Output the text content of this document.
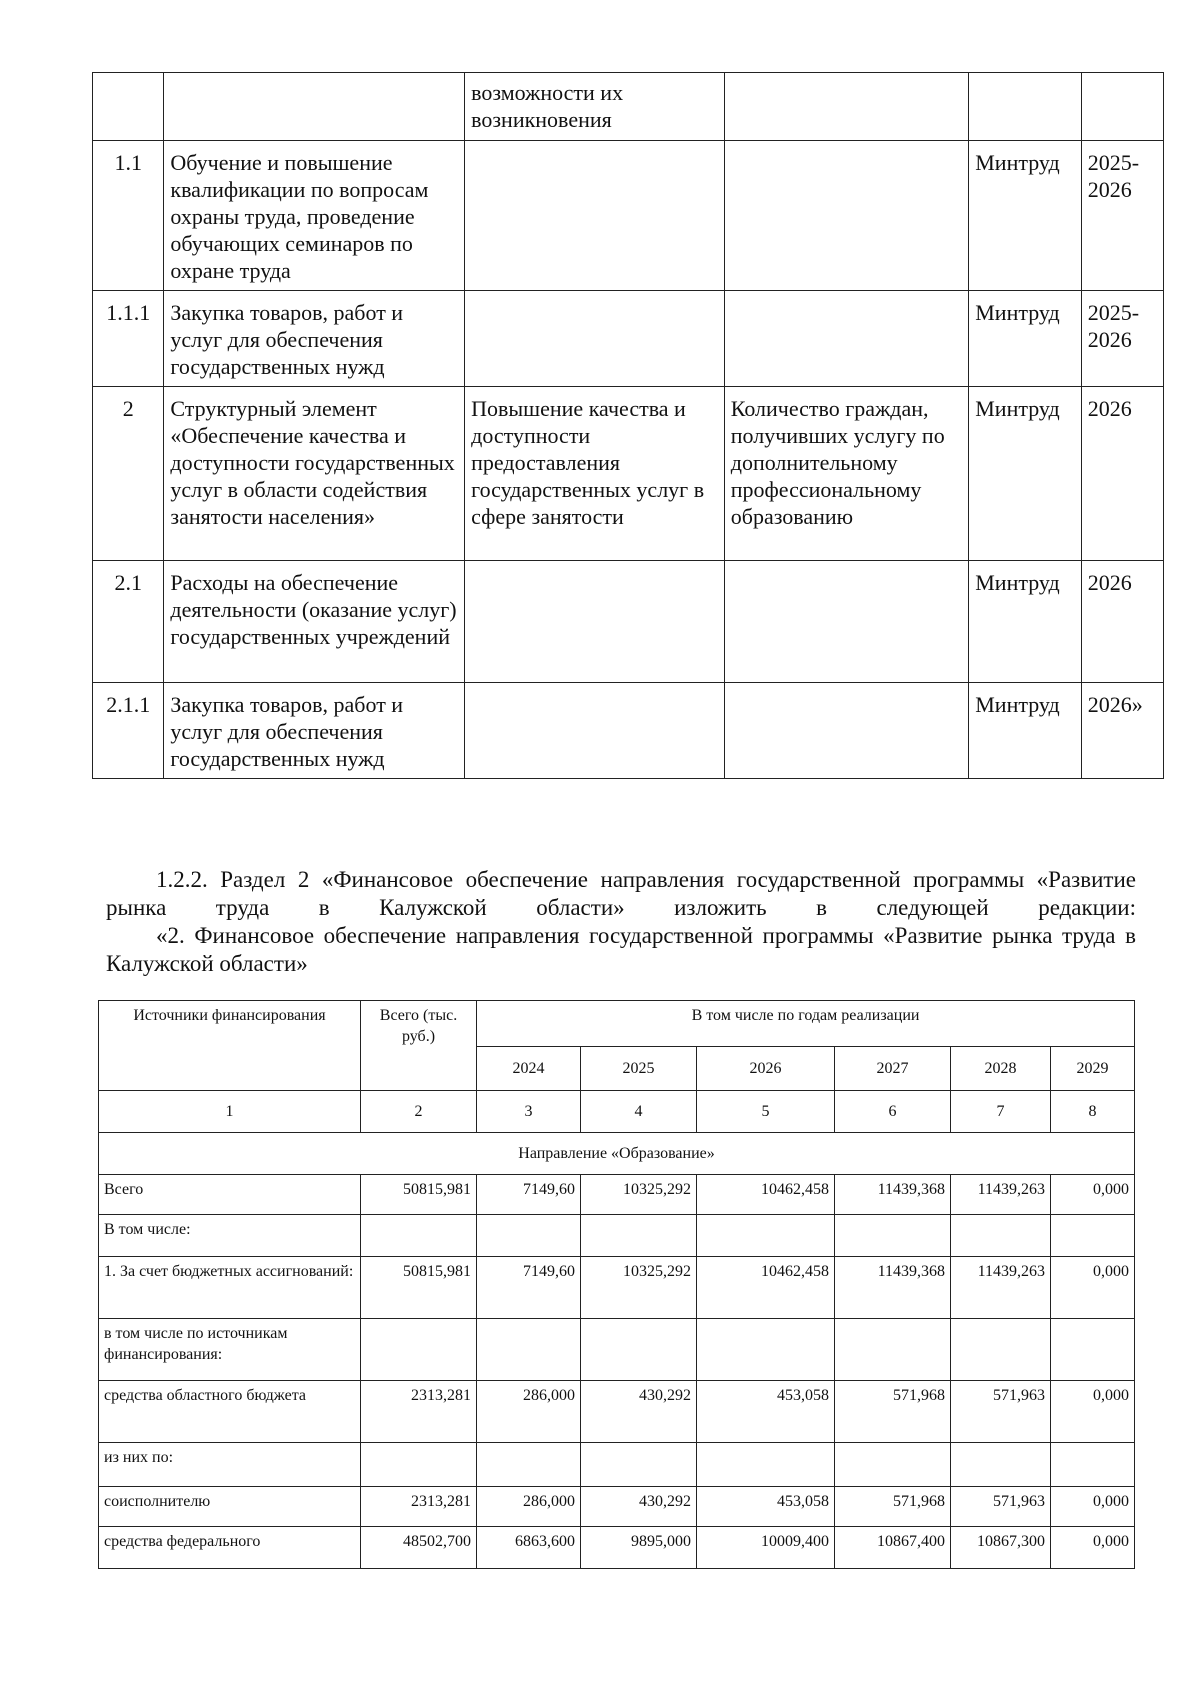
		возможности их возникновения			
1.1	Обучение и повышение квалификации по вопросам охраны труда, проведение обучающих семинаров по охране труда			Минтруд	2025-2026
1.1.1	Закупка товаров, работ и услуг для обеспечения государственных нужд			Минтруд	2025-2026
2	Структурный элемент «Обеспечение качества и доступности государственных услуг в области содействия занятости населения»	Повышение качества и доступности предоставления государственных услуг в сфере занятости	Количество граждан, получивших услугу по дополнительному профессиональному образованию	Минтруд	2026
2.1	Расходы на обеспечение деятельности (оказание услуг) государственных учреждений			Минтруд	2026
2.1.1	Закупка товаров, работ и услуг для обеспечения государственных нужд			Минтруд	2026»

1.2.2. Раздел 2 «Финансовое обеспечение направления государственной программы «Развитие рынка труда в Калужской области» изложить в следующей редакции:

«2. Финансовое обеспечение направления государственной программы «Развитие рынка труда в Калужской области»

Источники финансирования	Всего (тыс. руб.)	В том числе по годам реализации					
		2024	2025	2026	2027	2028	2029
1	2	3	4	5	6	7	8
Направление «Образование»							
Всего	50815,981	7149,60	10325,292	10462,458	11439,368	11439,263	0,000
В том числе:							
1. За счет бюджетных ассигнований:	50815,981	7149,60	10325,292	10462,458	11439,368	11439,263	0,000
в том числе по источникам финансирования:							
средства областного бюджета	2313,281	286,000	430,292	453,058	571,968	571,963	0,000
из них по:							
соисполнителю	2313,281	286,000	430,292	453,058	571,968	571,963	0,000
средства федерального	48502,700	6863,600	9895,000	10009,400	10867,400	10867,300	0,000
